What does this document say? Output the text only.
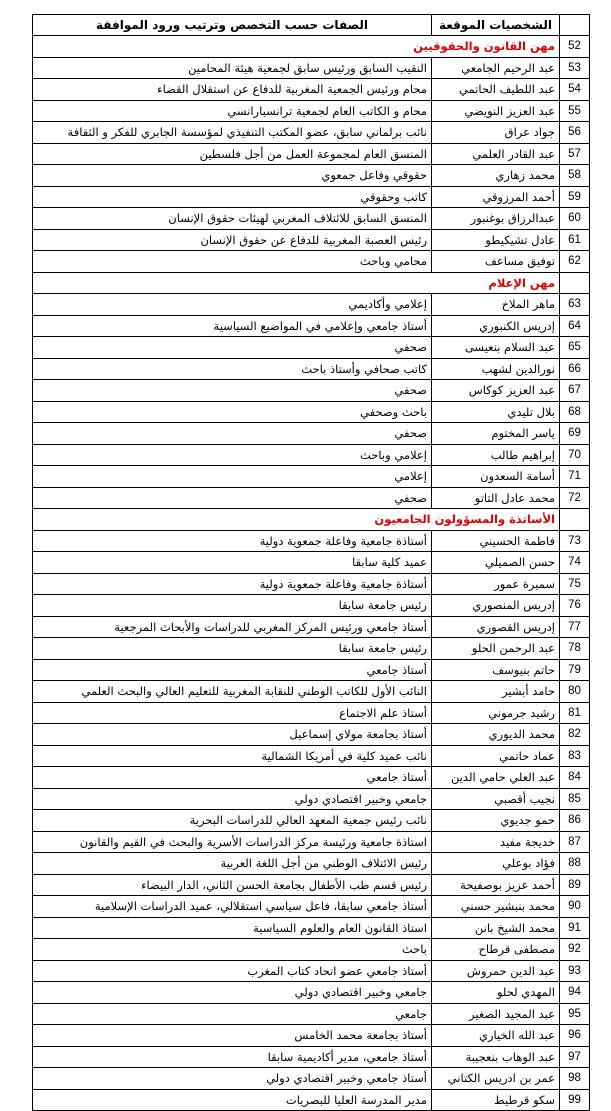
	الشخصيات الموقعة	الصفات حسب التخصص وترتيب ورود الموافقة
52	مهن القانون والحقوقيين	
53	عبد الرحيم الجامعي	النقيب السابق ورئيس سابق لجمعية هيئة المحامين
54	عبد اللطيف الحاتمي	محام ورئيس الجمعية المغربية للدفاع عن استقلال القضاء
55	عبد العزيز النويضي	محام و الكاتب العام لجمعية ترانسبارانسي
56	جواد عراق	نائب برلماني سابق، عضو المكتب التنفيذي لمؤسسة الجابري للفكر و الثقافة
57	عبد القادر العلمي	المنسق العام لمجموعة العمل من أجل فلسطين
58	محمد زهاري	حقوقي وفاعل جمعوي
59	أحمد المرزوقي	كاتب وحقوقي
60	عبدالرزاق بوغنبور	المنسق السابق للائتلاف المغربي لهيئات حقوق الإنسان
61	عادل تشيكيطو	رئيس العصبة المغربية للدفاع عن حقوق الإنسان
62	توفيق مساعف	محامي وباحث
	مهن الإعلام	
63	ماهر الملاخ	إعلامي وأكاديمي
64	إدريس الكنبوري	أستاذ جامعي وإعلامي في المواضيع السياسية
65	عبد السلام بنعيسى	صحفي
66	نورالدين لشهب	كاتب صحافي وأستاذ باحث
67	عبد العزيز كوكاس	صحفي
68	بلال تليدي	باحث وصحفي
69	ياسر المختوم	صحفي
70	إبراهيم طالب	إعلامي وباحث
71	أسامة السعدون	إعلامي
72	محمد عادل التاتو	صحفي
	الأساتذة والمسؤولون الجامعيون	
73	فاطمة الحسيني	أستاذة جامعية وفاعلة جمعوية دولية
74	حسن الصميلي	عميد كلية سابقا
75	سميرة عمور	أستاذة جامعية وفاعلة جمعوية دولية
76	إدريس المنصوري	رئيس جامعة سابقا
77	إدريس القصوري	أستاذ جامعي ورئيس المركز المغربي للدراسات والأبحاث المرجعية
78	عبد الرحمن الحلو	رئيس جامعة سابقا
79	حاتم بنيوسف	أستاذ جامعي
80	حامد أبشير	النائب الأول للكاتب الوطني للنقابة المغربية للتعليم العالي والبحث العلمي
81	رشيد جرموني	أستاذ علم الاجتماع
82	محمد الديوري	أستاذ بجامعة مولاي إسماعيل
83	عماد حاتمي	نائب عميد كلية في أمريكا الشمالية
84	عبد العلي حامي الدين	أستاذ جامعي
85	نجيب أقصبي	جامعي وخبير اقتصادي دولي
86	حمو جديوي	نائب رئيس جمعية المعهد العالي للدراسات البحرية
87	خديجة مفيد	استاذة جامعية ورئيسة مركز الدراسات الأسرية والبحث في القيم والقانون
88	فؤاد بوعلي	رئيس الائتلاف الوطني من أجل اللغة العربية
89	أحمد عزيز بوصفيحة	رئيس قسم طب الأطفال بجامعة الحسن الثاني، الدار البيضاء
90	محمد بنبشير حسني	أستاذ جامعي سابقا، فاعل سياسي استقلالي، عميد الدراسات الإسلامية
91	محمد الشيخ بانن	استاذ القانون العام والعلوم السياسية
92	مصطفى قرطاح	باحث
93	عبد الدين حمروش	أستاذ جامعي عضو اتحاد كتاب المغرب
94	المهدي لحلو	جامعي وخبير اقتصادي دولي
95	عبد المجيد الصغير	جامعي
96	عبد الله الخياري	أستاذ بجامعة محمد الخامس
97	عبد الوهاب بنعجيبة	أستاذ جامعي، مدير أكاديمية سابقا
98	عمر بن ادريس الكتاني	أستاذ جامعي وخبير اقتصادي دولي
99	سكو قرطيط	مدير المدرسة العليا للبصريات
